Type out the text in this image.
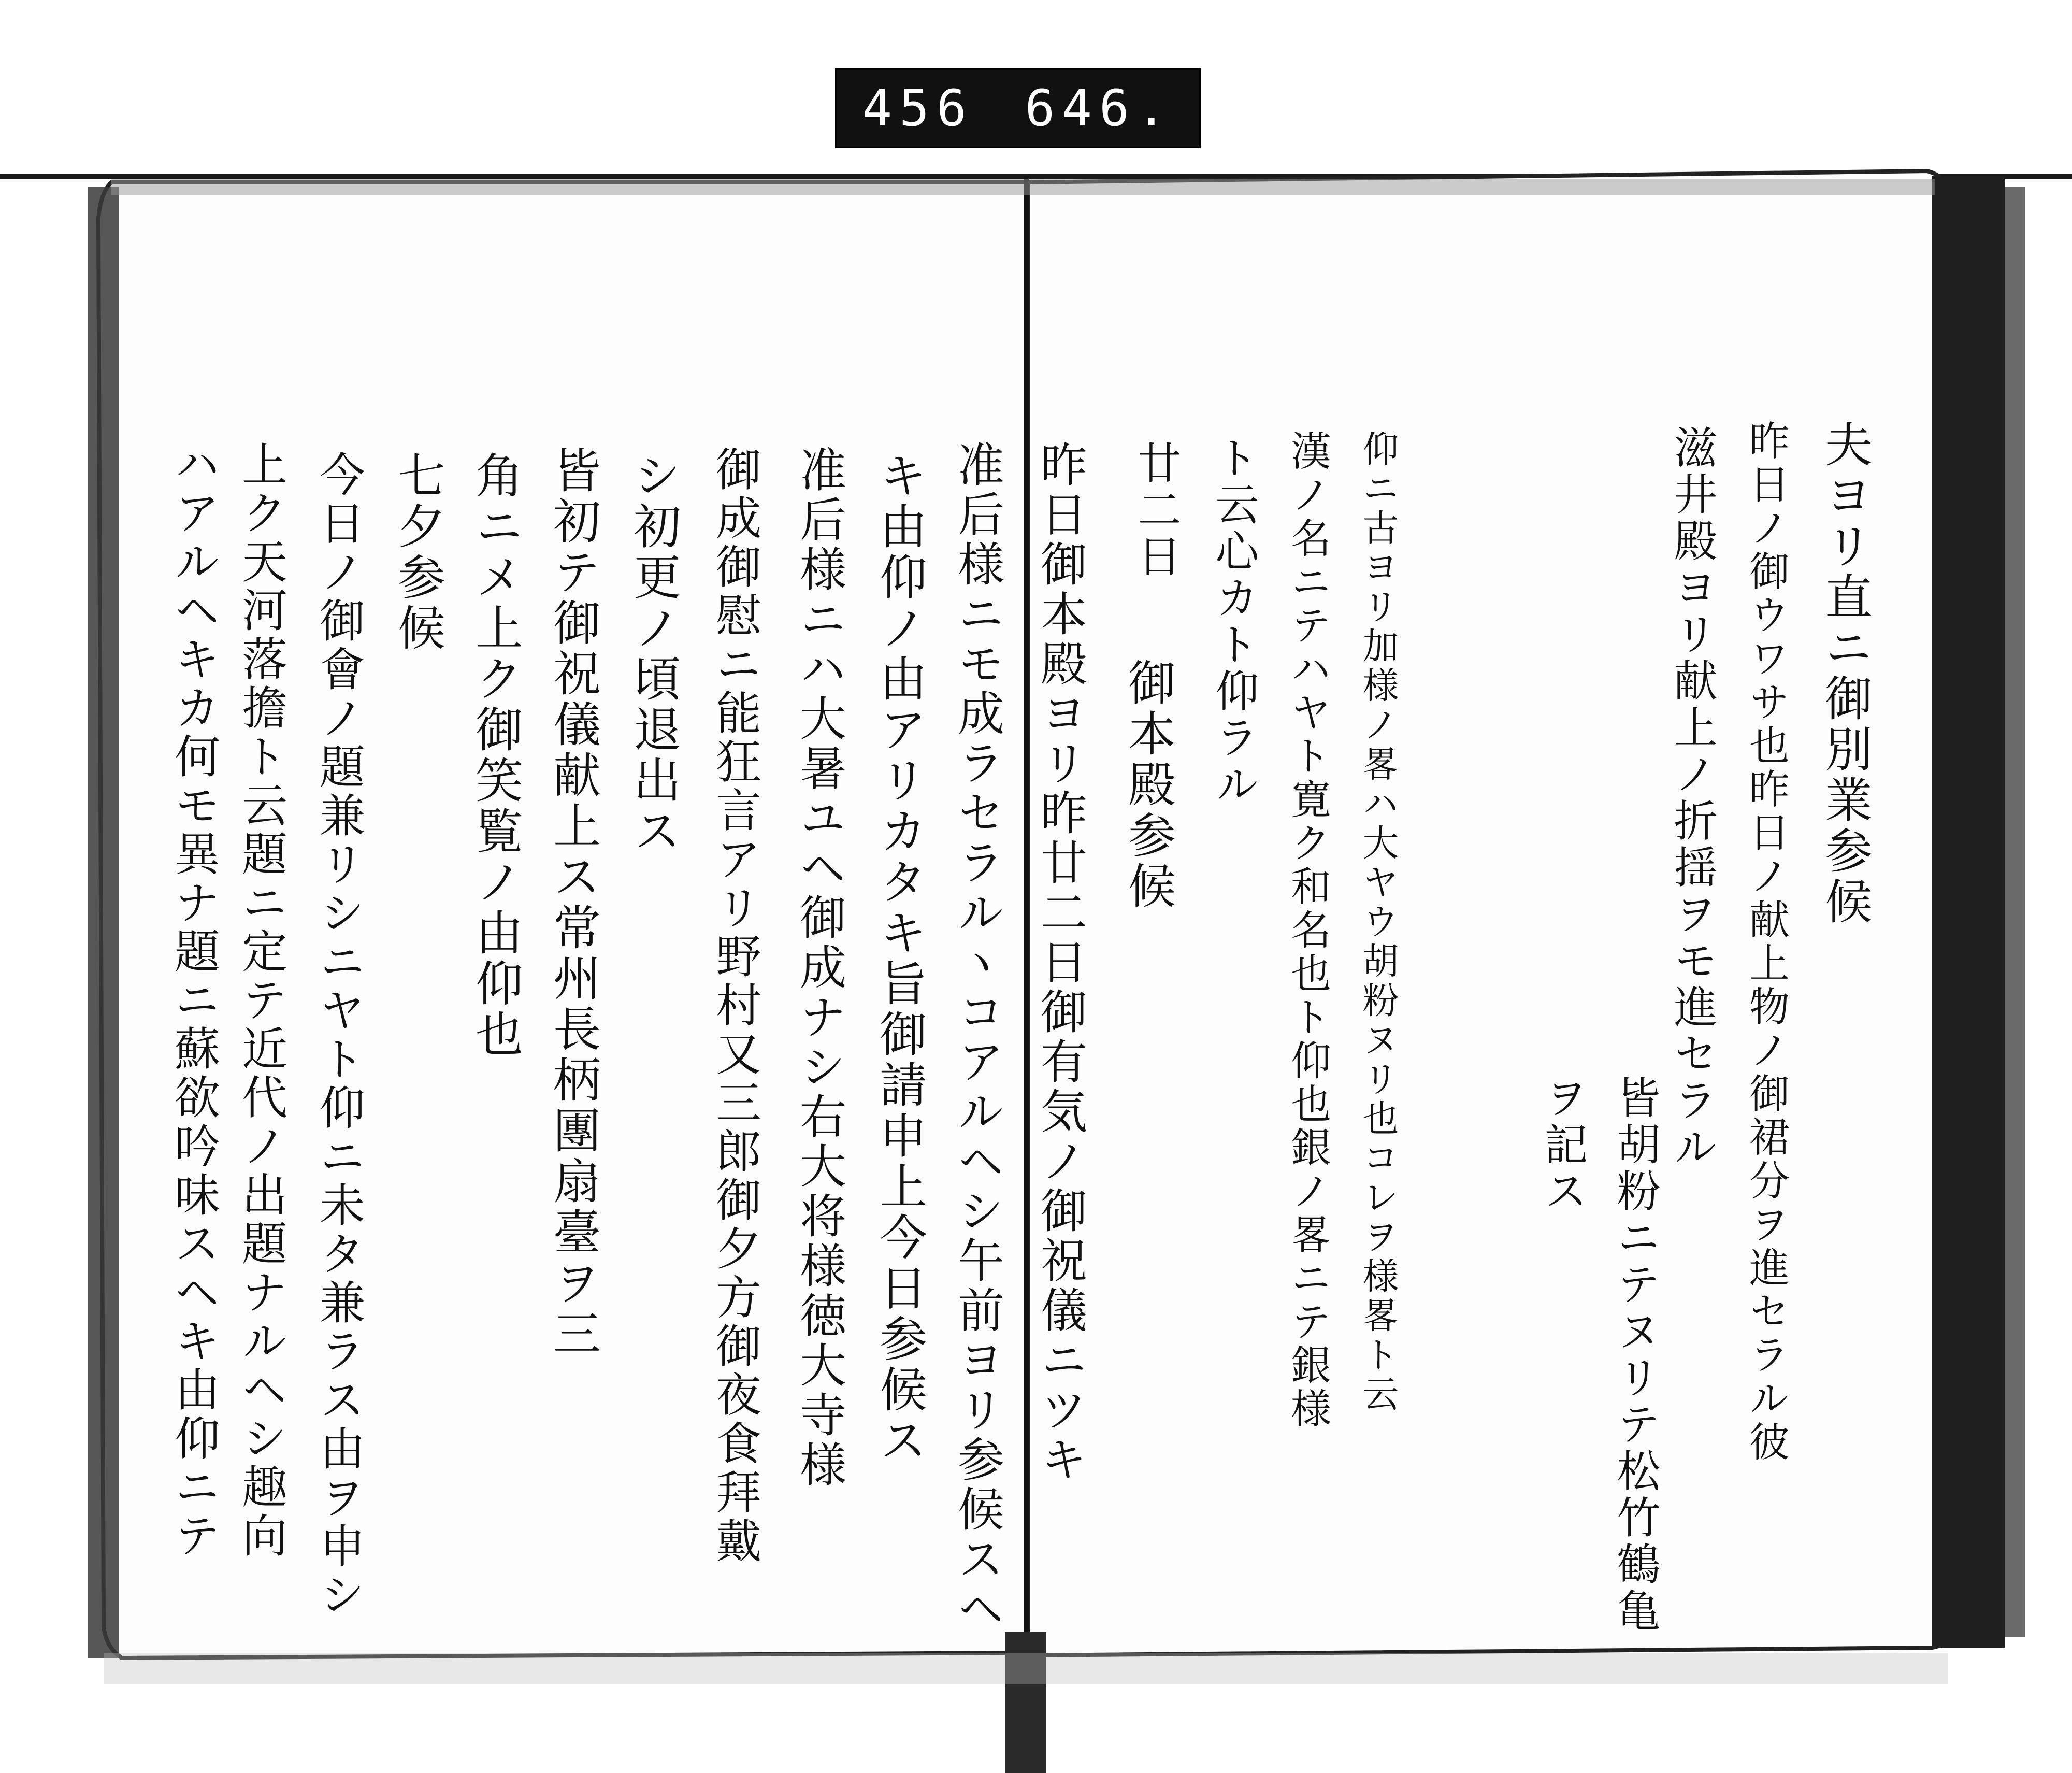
456 646.
夫ヨリ直ニ御別業参候
昨日ノ御ウワサ也昨日ノ献上物ノ御裙分ヲ進セラル彼
滋井殿ヨリ献上ノ折揺ヲモ進セラル
皆胡粉ニテヌリテ松竹鶴亀
ヲ記ス
仰ニ古ヨリ加様ノ畧ハ大ヤウ胡粉ヌリ也コレヲ様畧ト云
漢ノ名ニテハヤト寛ク和名也ト仰也銀ノ畧ニテ銀様
ト云心カト仰ラル
廿二日
御本殿参候
昨日御本殿ヨリ昨廿二日御有気ノ御祝儀ニツキ
准后様ニモ成ラセラルヽコアルヘシ午前ヨリ参候スヘ
キ由仰ノ由アリカタキ旨御請申上今日参候ス
准后様ニハ大暑ユヘ御成ナシ右大将様徳大寺様
御成御慰ニ能狂言アリ野村又三郎御夕方御夜食拜戴
シ初更ノ頃退出ス
皆初テ御祝儀献上ス常州長柄團扇臺ヲ三
角ニメ上ク御笑覧ノ由仰也
七夕参候
今日ノ御會ノ題兼リシニヤト仰ニ未タ兼ラス由ヲ申シ
上ク天河落擔ト云題ニ定テ近代ノ出題ナルヘシ趣向
ハアルヘキカ何モ異ナ題ニ蘇欲吟味スヘキ由仰ニテ
